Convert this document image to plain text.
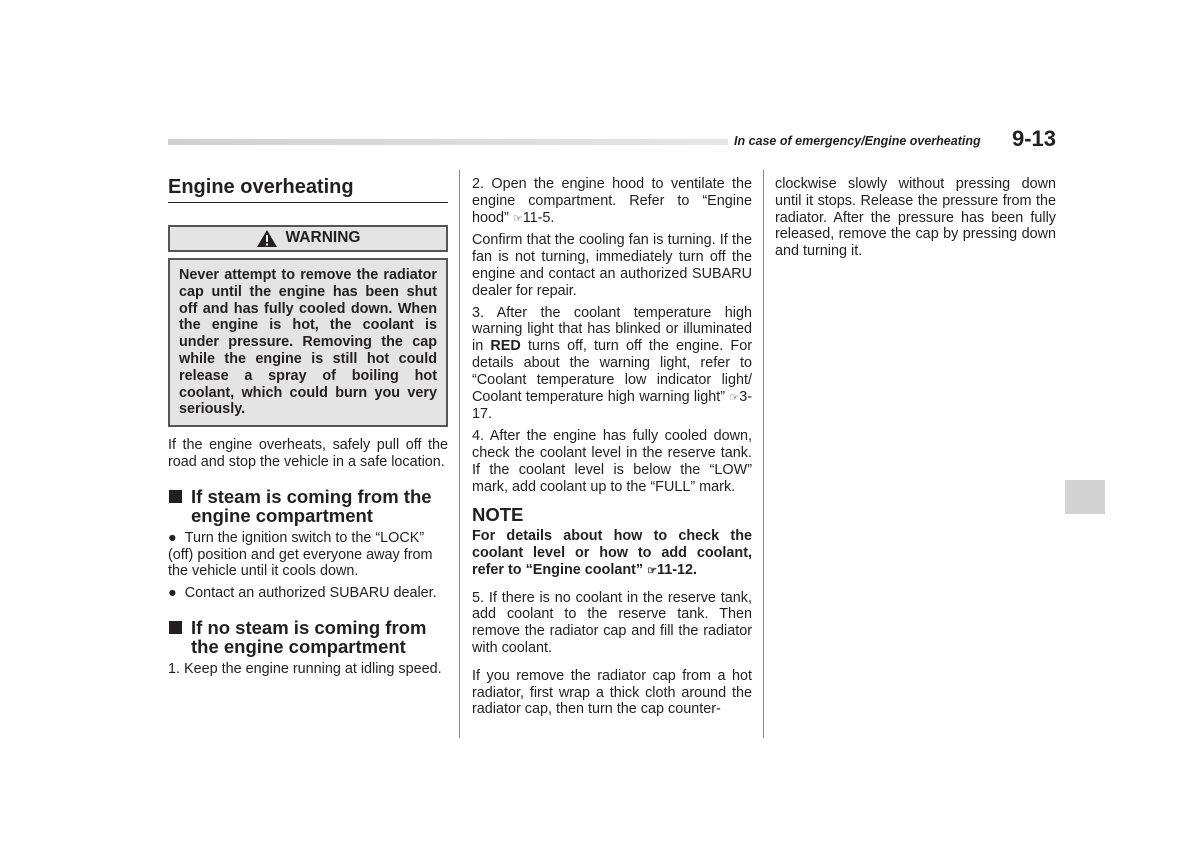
In case of emergency/Engine overheating 9-13
Engine overheating
WARNING
Never attempt to remove the radiator cap until the engine has been shut off and has fully cooled down. When the engine is hot, the coolant is under pressure. Removing the cap while the engine is still hot could release a spray of boiling hot coolant, which could burn you very seriously.

If the engine overheats, safely pull off the road and stop the vehicle in a safe location.

If steam is coming from the engine compartment
● Turn the ignition switch to the “LOCK” (off) position and get everyone away from the vehicle until it cools down.
● Contact an authorized SUBARU dealer.
If no steam is coming from the engine compartment

1. Keep the engine running at idling speed.

2. Open the engine hood to ventilate the engine compartment. Refer to “Engine hood” ☞11-5.

Confirm that the cooling fan is turning. If the fan is not turning, immediately turn off the engine and contact an authorized SUBARU dealer for repair.

3. After the coolant temperature high warning light that has blinked or illuminated in RED turns off, turn off the engine. For details about the warning light, refer to “Coolant temperature low indicator light/ Coolant temperature high warning light” ☞3-17.

4. After the engine has fully cooled down, check the coolant level in the reserve tank. If the coolant level is below the “LOW” mark, add coolant up to the “FULL” mark.

NOTE

For details about how to check the coolant level or how to add coolant, refer to “Engine coolant” ☞11-12.

5. If there is no coolant in the reserve tank, add coolant to the reserve tank. Then remove the radiator cap and fill the radiator with coolant.

If you remove the radiator cap from a hot radiator, first wrap a thick cloth around the radiator cap, then turn the cap counter-

clockwise slowly without pressing down until it stops. Release the pressure from the radiator. After the pressure has been fully released, remove the cap by pressing down and turning it.
